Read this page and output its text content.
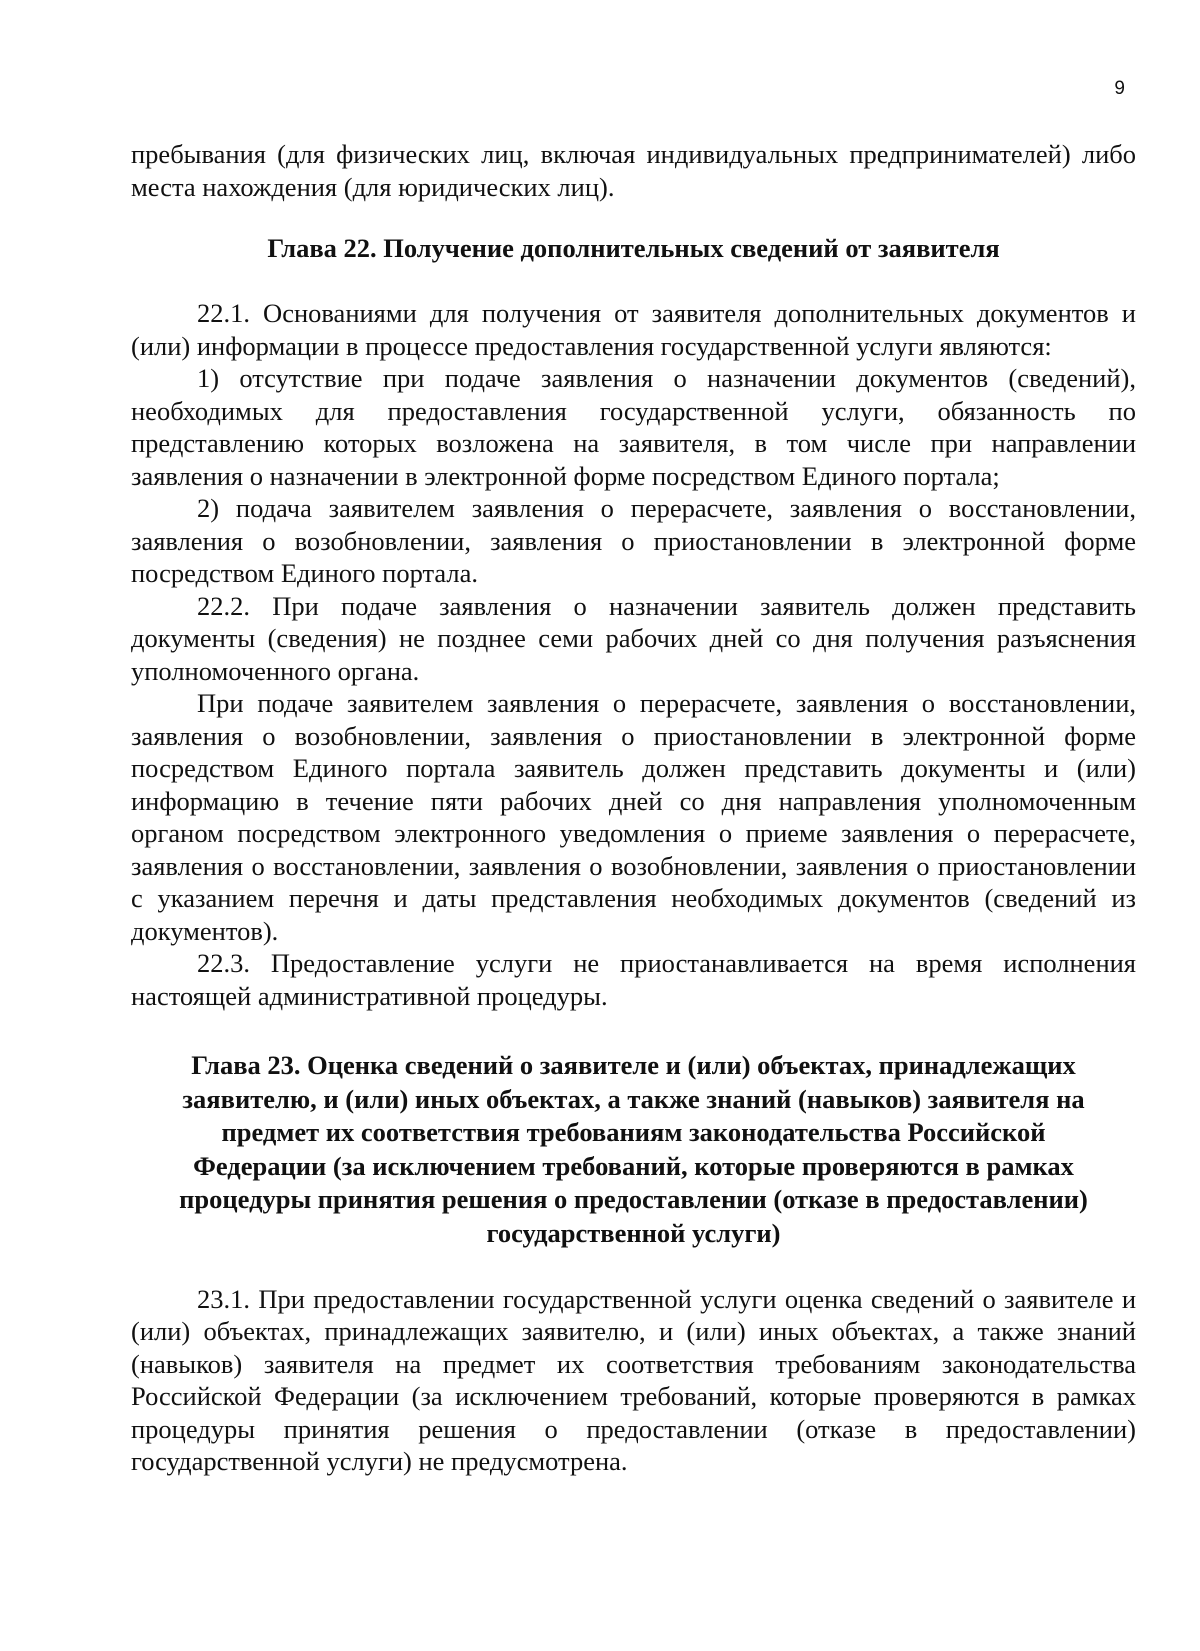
9

пребывания (для физических лиц, включая индивидуальных предпринимателей) либо места нахождения (для юридических лиц).

Глава 22. Получение дополнительных сведений от заявителя

22.1. Основаниями для получения от заявителя дополнительных документов и (или) информации в процессе предоставления государственной услуги являются:

1) отсутствие при подаче заявления о назначении документов (сведений), необходимых для предоставления государственной услуги, обязанность по представлению которых возложена на заявителя, в том числе при направлении заявления о назначении в электронной форме посредством Единого портала;

2) подача заявителем заявления о перерасчете, заявления о восстановлении, заявления о возобновлении, заявления о приостановлении в электронной форме посредством Единого портала.

22.2. При подаче заявления о назначении заявитель должен представить документы (сведения) не позднее семи рабочих дней со дня получения разъяснения уполномоченного органа.

При подаче заявителем заявления о перерасчете, заявления о восстановлении, заявления о возобновлении, заявления о приостановлении в электронной форме посредством Единого портала заявитель должен представить документы и (или) информацию в течение пяти рабочих дней со дня направления уполномоченным органом посредством электронного уведомления о приеме заявления о перерасчете, заявления о восстановлении, заявления о возобновлении, заявления о приостановлении с указанием перечня и даты представления необходимых документов (сведений из документов).

22.3. Предоставление услуги не приостанавливается на время исполнения настоящей административной процедуры.

Глава 23. Оценка сведений о заявителе и (или) объектах, принадлежащих заявителю, и (или) иных объектах, а также знаний (навыков) заявителя на предмет их соответствия требованиям законодательства Российской Федерации (за исключением требований, которые проверяются в рамках процедуры принятия решения о предоставлении (отказе в предоставлении) государственной услуги)

23.1. При предоставлении государственной услуги оценка сведений о заявителе и (или) объектах, принадлежащих заявителю, и (или) иных объектах, а также знаний (навыков) заявителя на предмет их соответствия требованиям законодательства Российской Федерации (за исключением требований, которые проверяются в рамках процедуры принятия решения о предоставлении (отказе в предоставлении) государственной услуги) не предусмотрена.
